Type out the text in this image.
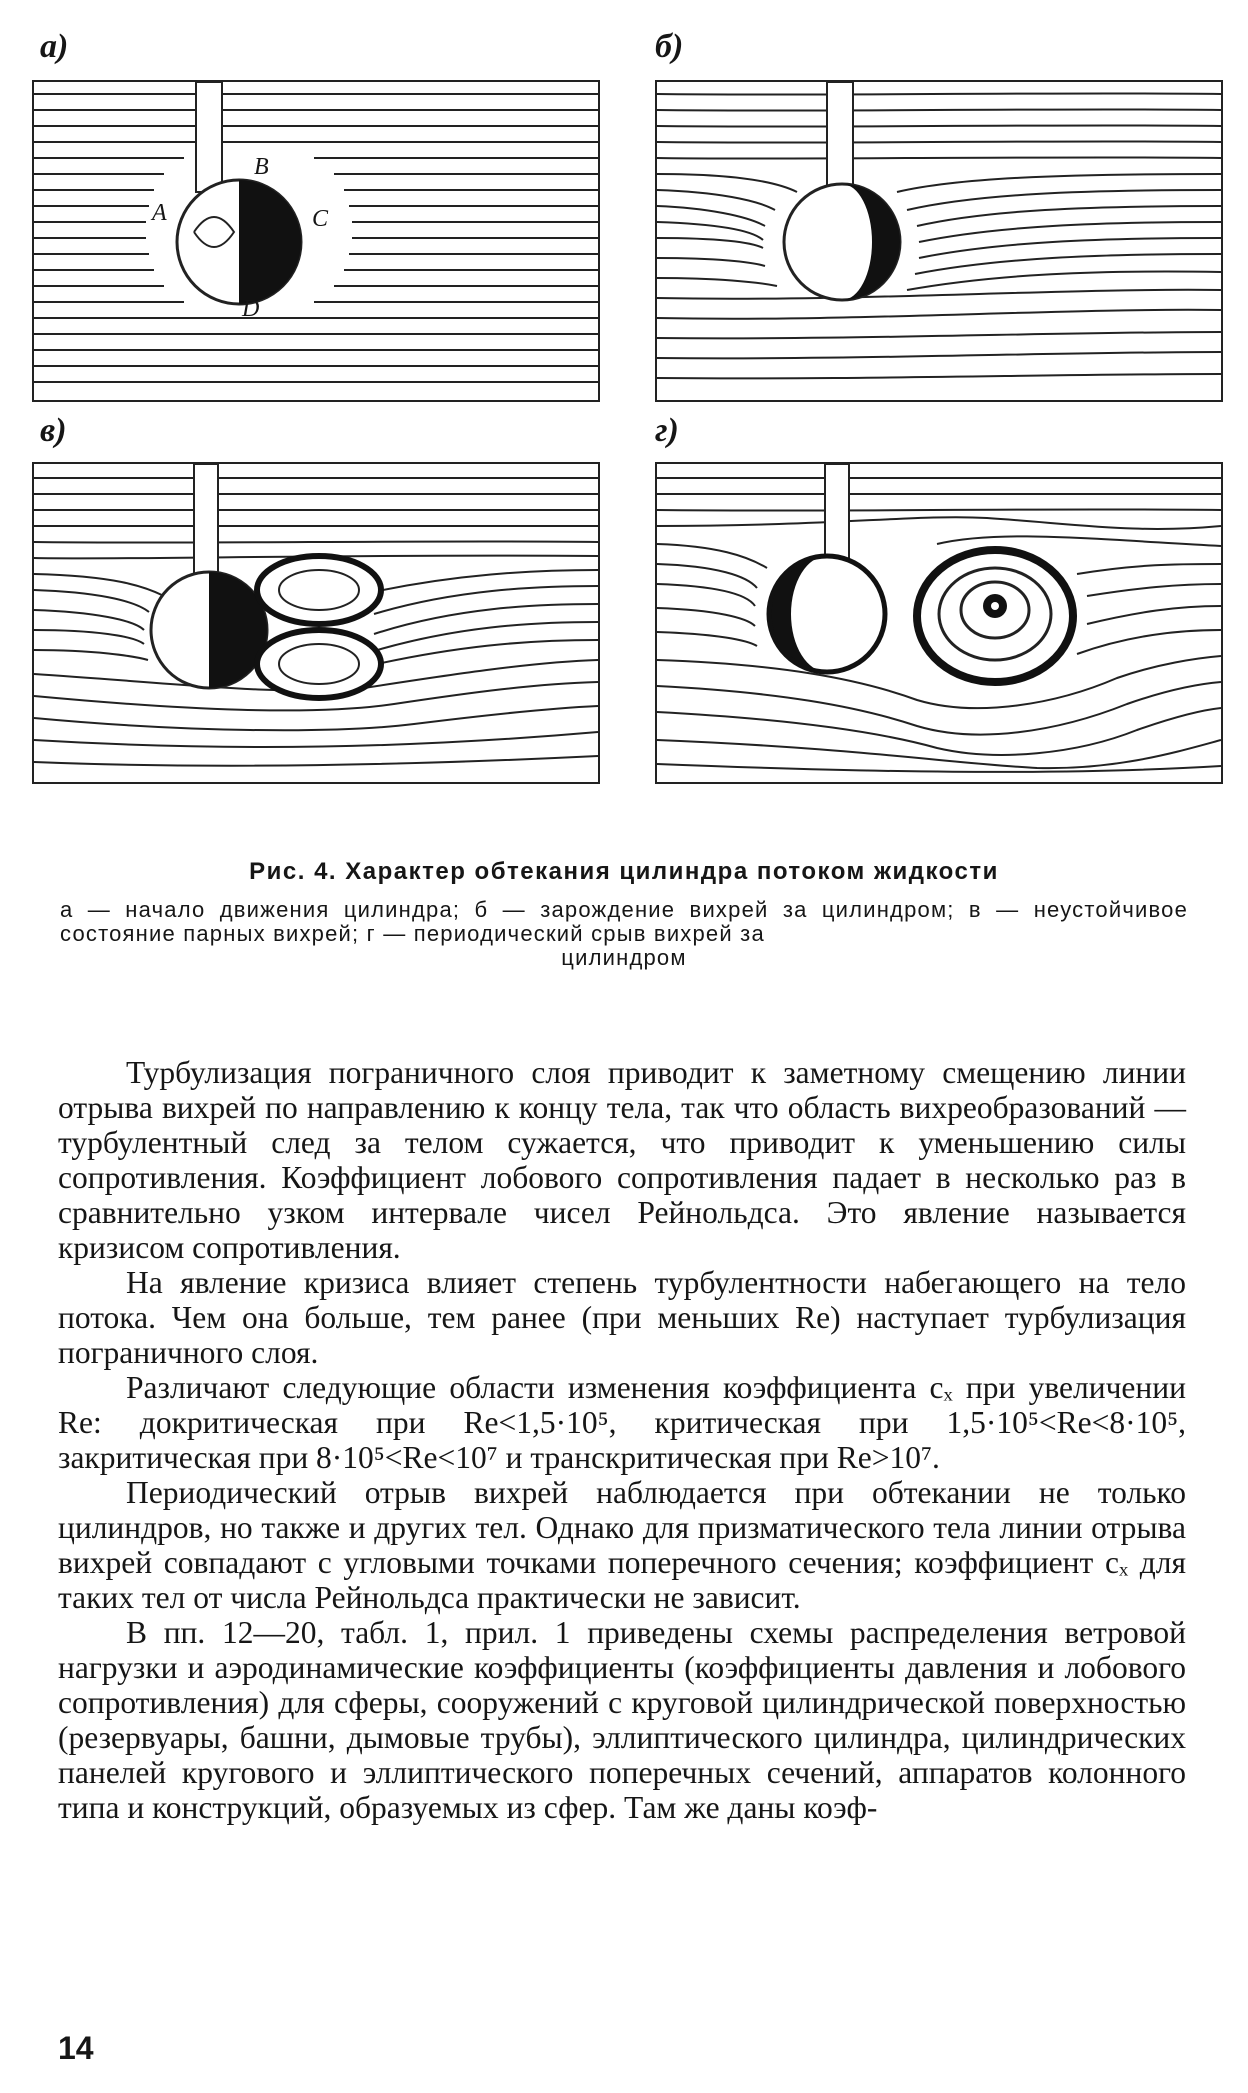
а)	б)
в)	г)
A
B
C
D
Рис. 4. Характер обтекания цилиндра потоком жидкости
а — начало движения цилиндра; б — зарождение вихрей за цилиндром; в — неустойчивое состояние парных вихрей; г — периодический срыв вихрей за
цилиндром

Турбулизация пограничного слоя приводит к заметному смещению линии отрыва вихрей по направлению к концу тела, так что область вихреобразований — турбулентный след за телом сужается, что приводит к уменьшению силы сопротивления. Коэффициент лобового сопротивления падает в несколько раз в сравнительно узком интервале чисел Рейнольдса. Это явление называется кризисом сопротивления.

На явление кризиса влияет степень турбулентности набегающего на тело потока. Чем она больше, тем ранее (при меньших Re) наступает турбулизация пограничного слоя.

Различают следующие области изменения коэффициента cₓ при увеличении Re: докритическая при Re<1,5·10⁵, критическая при 1,5·10⁵<Re<8·10⁵, закритическая при 8·10⁵<Re<10⁷ и транскритическая при Re>10⁷.

Периодический отрыв вихрей наблюдается при обтекании не только цилиндров, но также и других тел. Однако для призматического тела линии отрыва вихрей совпадают с угловыми точками поперечного сечения; коэффициент cₓ для таких тел от числа Рейнольдса практически не зависит.

В пп. 12—20, табл. 1, прил. 1 приведены схемы распределения ветровой нагрузки и аэродинамические коэффициенты (коэффициенты давления и лобового сопротивления) для сферы, сооружений с круговой цилиндрической поверхностью (резервуары, башни, дымовые трубы), эллиптического цилиндра, цилиндрических панелей кругового и эллиптического поперечных сечений, аппаратов колонного типа и конструкций, образуемых из сфер. Там же даны коэф-

14
